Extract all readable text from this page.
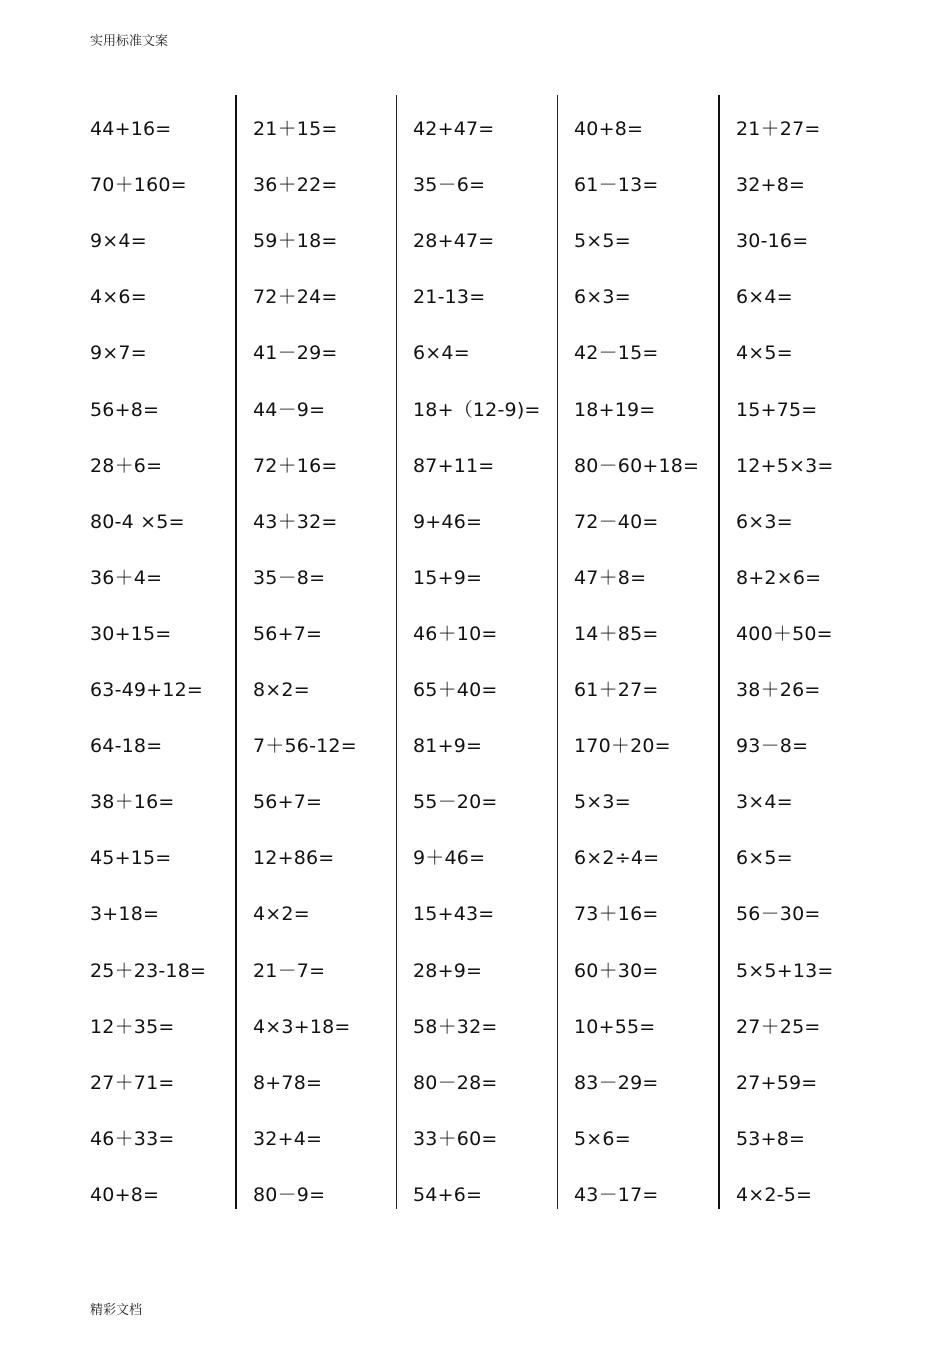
实用标准文案
44+16=
70＋160=
9×4=
4×6=
9×7=
56+8=
28＋6=
80-4 ×5=
36＋4=
30+15=
63-49+12=
64-18=
38＋16=
45+15=
3+18=
25＋23-18=
12＋35=
27＋71=
46＋33=
40+8=
21＋15=
36＋22=
59＋18=
72＋24=
41－29=
44－9=
72＋16=
43＋32=
35－8=
56+7=
8×2=
7＋56-12=
56+7=
12+86=
4×2=
21－7=
4×3+18=
8+78=
32+4=
80－9=
42+47=
35－6=
28+47=
21-13=
6×4=
18+（12-9)=
87+11=
9+46=
15+9=
46＋10=
65＋40=
81+9=
55－20=
9＋46=
15+43=
28+9=
58＋32=
80－28=
33＋60=
54+6=
40+8=
61－13=
5×5=
6×3=
42－15=
18+19=
80－60+18=
72－40=
47＋8=
14＋85=
61＋27=
170＋20=
5×3=
6×2÷4=
73＋16=
60＋30=
10+55=
83－29=
5×6=
43－17=
21＋27=
32+8=
30-16=
6×4=
4×5=
15+75=
12+5×3=
6×3=
8+2×6=
400＋50=
38＋26=
93－8=
3×4=
6×5=
56－30=
5×5+13=
27＋25=
27+59=
53+8=
4×2-5=
精彩文档
